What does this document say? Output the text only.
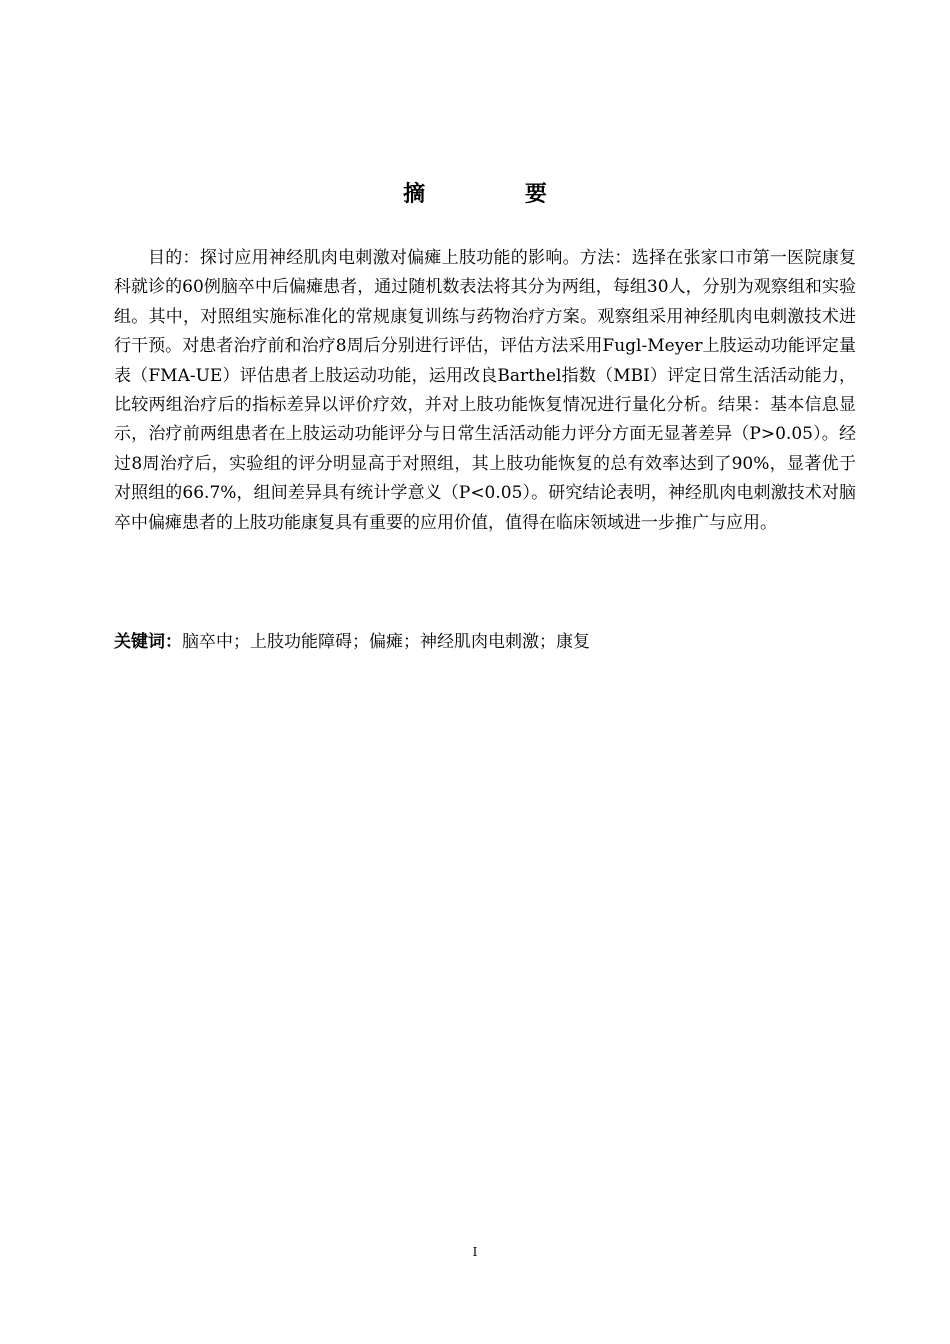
摘 要

目的：探讨应用神经肌肉电刺激对偏瘫上肢功能的影响。方法：选择在张家口市第一医院康复科就诊的60例脑卒中后偏瘫患者，通过随机数表法将其分为两组，每组30人，分别为观察组和实验组。其中，对照组实施标准化的常规康复训练与药物治疗方案。观察组采用神经肌肉电刺激技术进行干预。对患者治疗前和治疗8周后分别进行评估，评估方法采用Fugl-Meyer上肢运动功能评定量表（FMA-UE）评估患者上肢运动功能，运用改良Barthel指数（MBI）评定日常生活活动能力，比较两组治疗后的指标差异以评价疗效，并对上肢功能恢复情况进行量化分析。结果：基本信息显示，治疗前两组患者在上肢运动功能评分与日常生活活动能力评分方面无显著差异（P>0.05）。经过8周治疗后，实验组的评分明显高于对照组，其上肢功能恢复的总有效率达到了90%，显著优于对照组的66.7%，组间差异具有统计学意义（P<0.05）。研究结论表明，神经肌肉电刺激技术对脑卒中偏瘫患者的上肢功能康复具有重要的应用价值，值得在临床领域进一步推广与应用。

关键词：脑卒中；上肢功能障碍；偏瘫；神经肌肉电刺激；康复

I
